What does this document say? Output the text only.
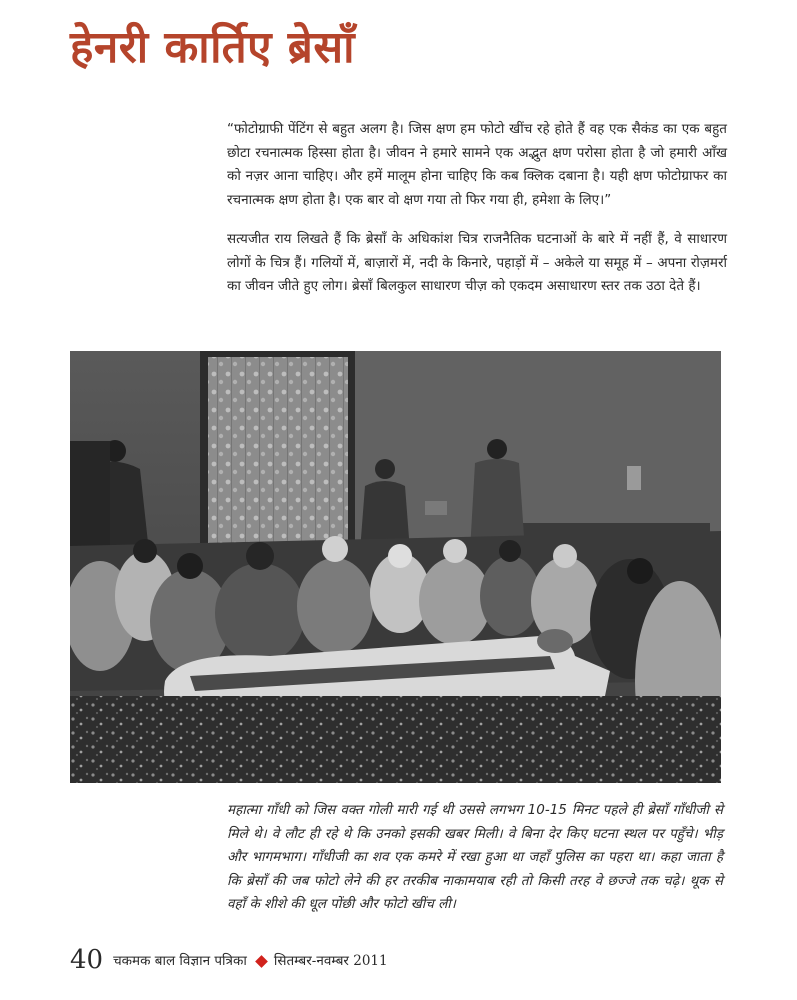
हेनरी कार्तिए ब्रेसाँ

“फोटोग्राफी पेंटिंग से बहुत अलग है। जिस क्षण हम फोटो खींच रहे होते हैं वह एक सैकंड का एक बहुत छोटा रचनात्मक हिस्सा होता है। जीवन ने हमारे सामने एक अद्भुत क्षण परोसा होता है जो हमारी आँख को नज़र आना चाहिए। और हमें मालूम होना चाहिए कि कब क्लिक दबाना है। यही क्षण फोटोग्राफर का रचनात्मक क्षण होता है। एक बार वो क्षण गया तो फिर गया ही, हमेशा के लिए।”

सत्यजीत राय लिखते हैं कि ब्रेसाँ के अधिकांश चित्र राजनैतिक घटनाओं के बारे में नहीं हैं, वे साधारण लोगों के चित्र हैं। गलियों में, बाज़ारों में, नदी के किनारे, पहाड़ों में – अकेले या समूह में – अपना रोज़मर्रा का जीवन जीते हुए लोग। ब्रेसाँ बिलकुल साधारण चीज़ को एकदम असाधारण स्तर तक उठा देते हैं।

महात्मा गाँधी को जिस वक्त गोली मारी गई थी उससे लगभग 10-15 मिनट पहले ही ब्रेसाँ गाँधीजी से मिले थे। वे लौट ही रहे थे कि उनको इसकी खबर मिली। वे बिना देर किए घटना स्थल पर पहुँचे। भीड़ और भागमभाग। गाँधीजी का शव एक कमरे में रखा हुआ था जहाँ पुलिस का पहरा था। कहा जाता है कि ब्रेसाँ की जब फोटो लेने की हर तरकीब नाकामयाब रही तो किसी तरह वे छज्जे तक चढ़े। थूक से वहाँ के शीशे की धूल पोंछी और फोटो खींच ली।

40 चकमक बाल विज्ञान पत्रिका सितम्बर-नवम्बर 2011
